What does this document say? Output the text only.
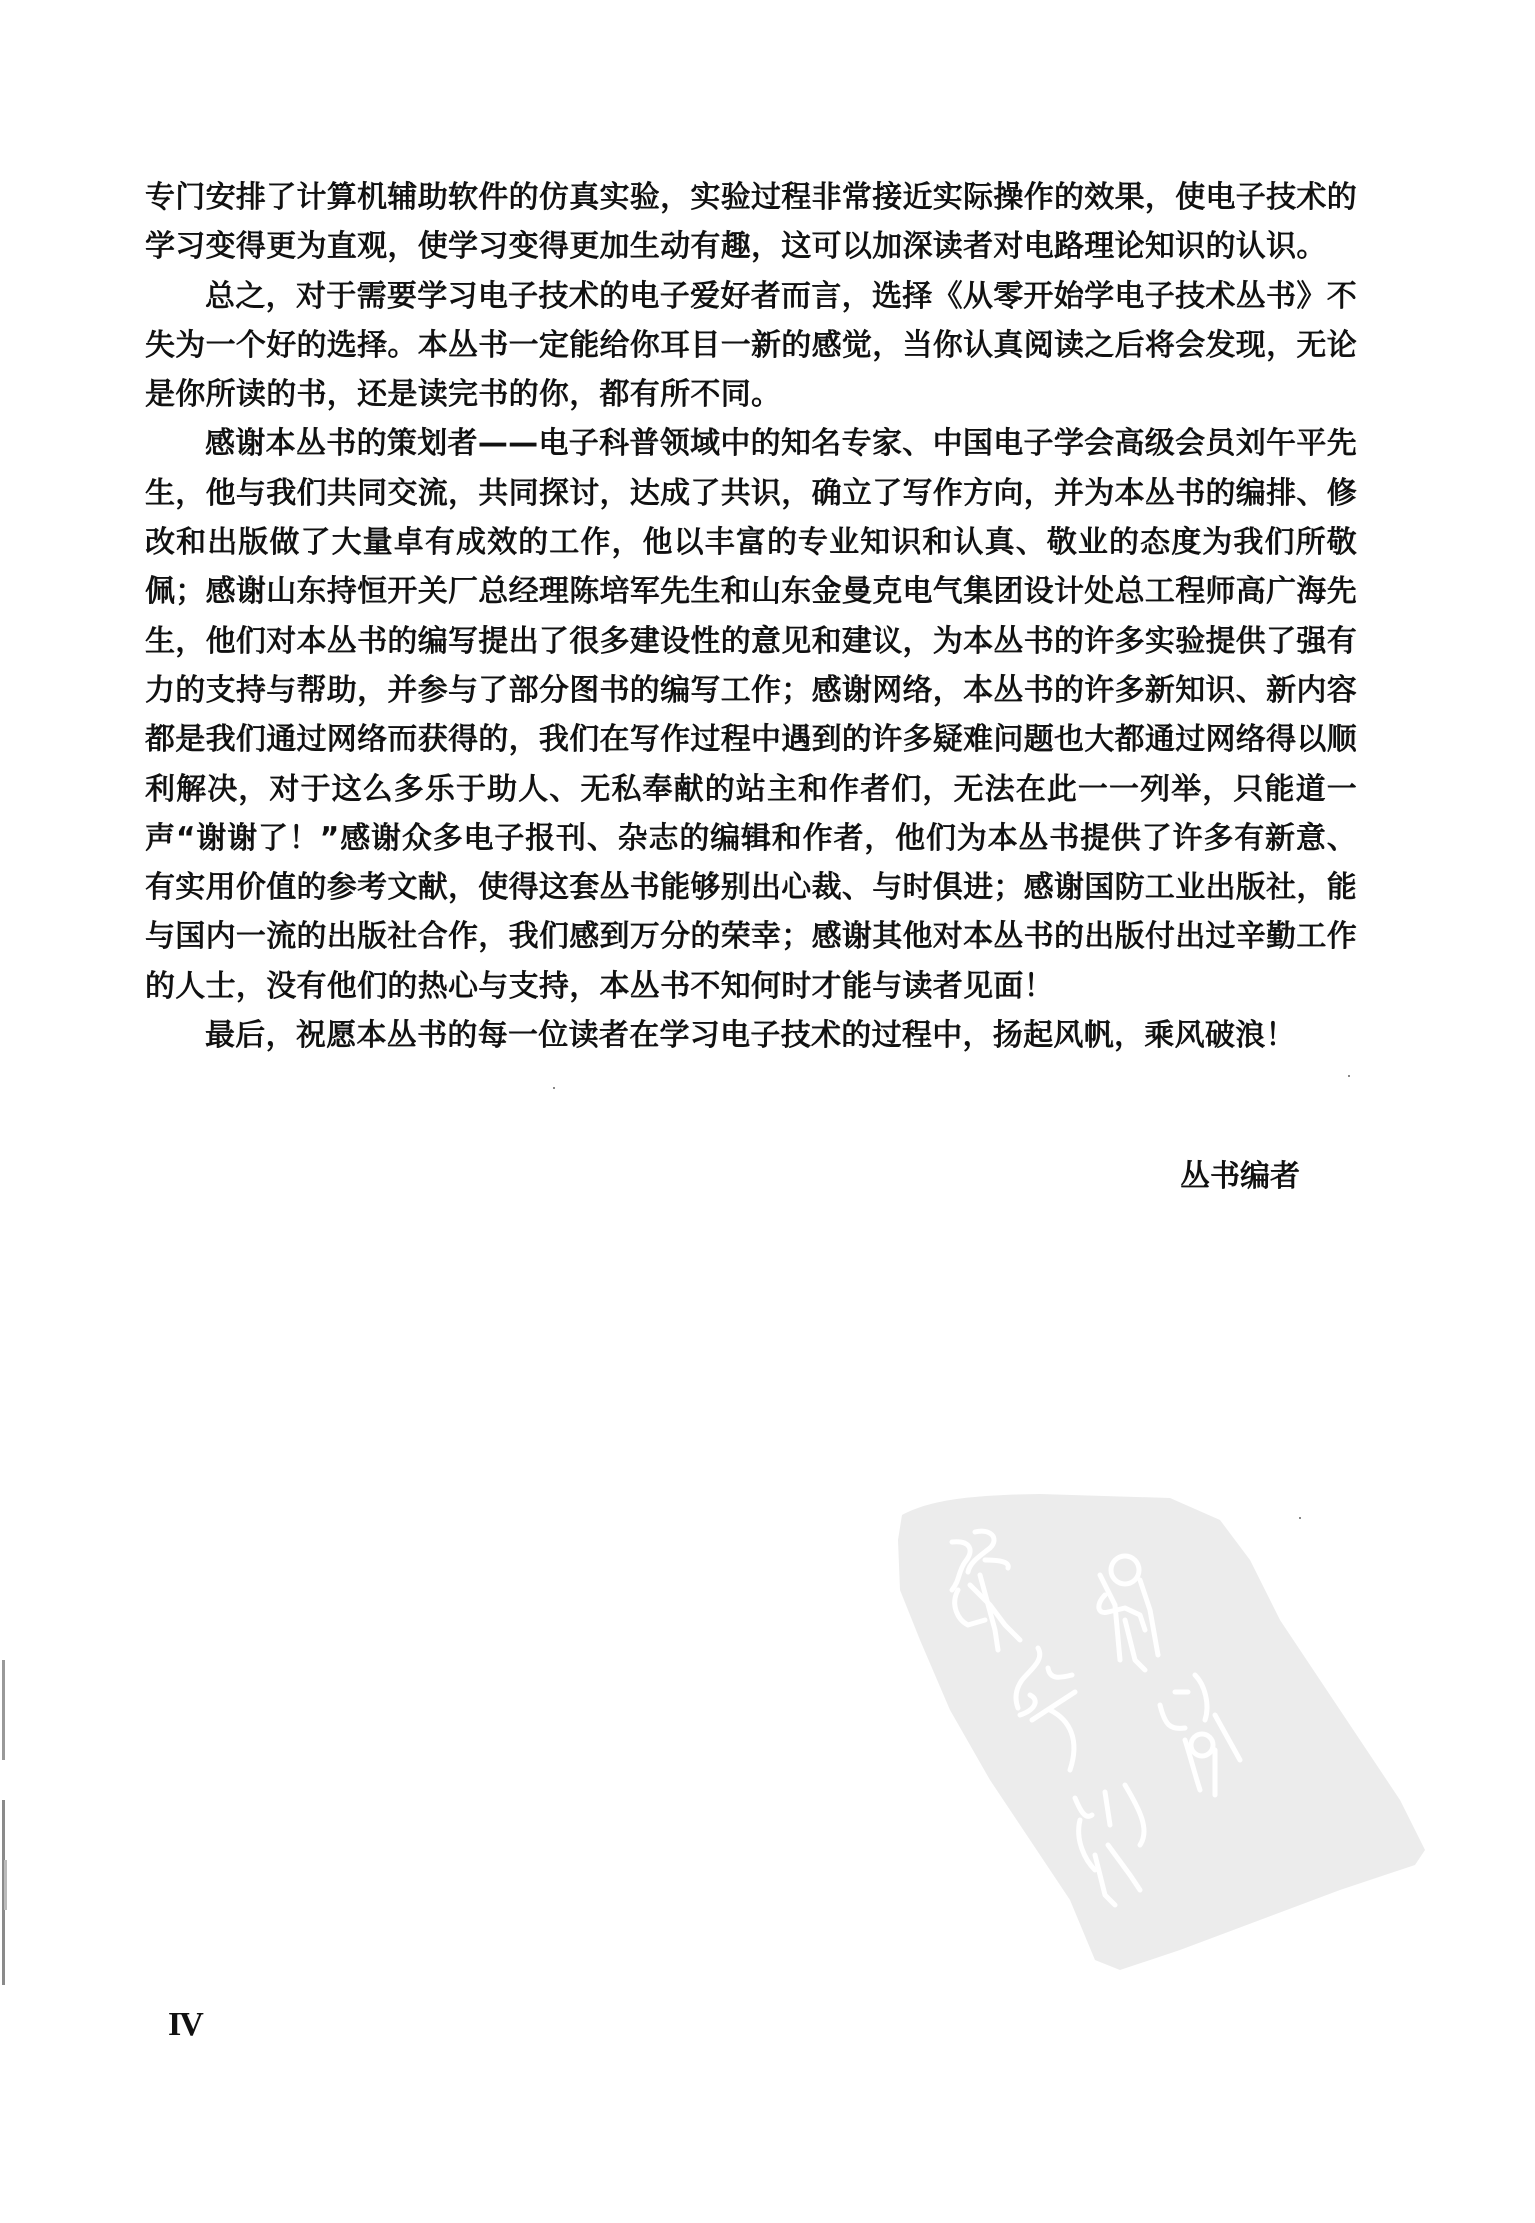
专门安排了计算机辅助软件的仿真实验，实验过程非常接近实际操作的效果，使电子技术的学习变得更为直观，使学习变得更加生动有趣，这可以加深读者对电路理论知识的认识。

总之，对于需要学习电子技术的电子爱好者而言，选择《从零开始学电子技术丛书》不失为一个好的选择。本丛书一定能给你耳目一新的感觉，当你认真阅读之后将会发现，无论是你所读的书，还是读完书的你，都有所不同。

感谢本丛书的策划者——电子科普领域中的知名专家、中国电子学会高级会员刘午平先生，他与我们共同交流，共同探讨，达成了共识，确立了写作方向，并为本丛书的编排、修改和出版做了大量卓有成效的工作，他以丰富的专业知识和认真、敬业的态度为我们所敬佩；感谢山东持恒开关厂总经理陈培军先生和山东金曼克电气集团设计处总工程师高广海先生，他们对本丛书的编写提出了很多建设性的意见和建议，为本丛书的许多实验提供了强有力的支持与帮助，并参与了部分图书的编写工作；感谢网络，本丛书的许多新知识、新内容都是我们通过网络而获得的，我们在写作过程中遇到的许多疑难问题也大都通过网络得以顺利解决，对于这么多乐于助人、无私奉献的站主和作者们，无法在此一一列举，只能道一声“谢谢了！”感谢众多电子报刊、杂志的编辑和作者，他们为本丛书提供了许多有新意、有实用价值的参考文献，使得这套丛书能够别出心裁、与时俱进；感谢国防工业出版社，能与国内一流的出版社合作，我们感到万分的荣幸；感谢其他对本丛书的出版付出过辛勤工作的人士，没有他们的热心与支持，本丛书不知何时才能与读者见面！

最后，祝愿本丛书的每一位读者在学习电子技术的过程中，扬起风帆，乘风破浪！

丛书编者
IV
